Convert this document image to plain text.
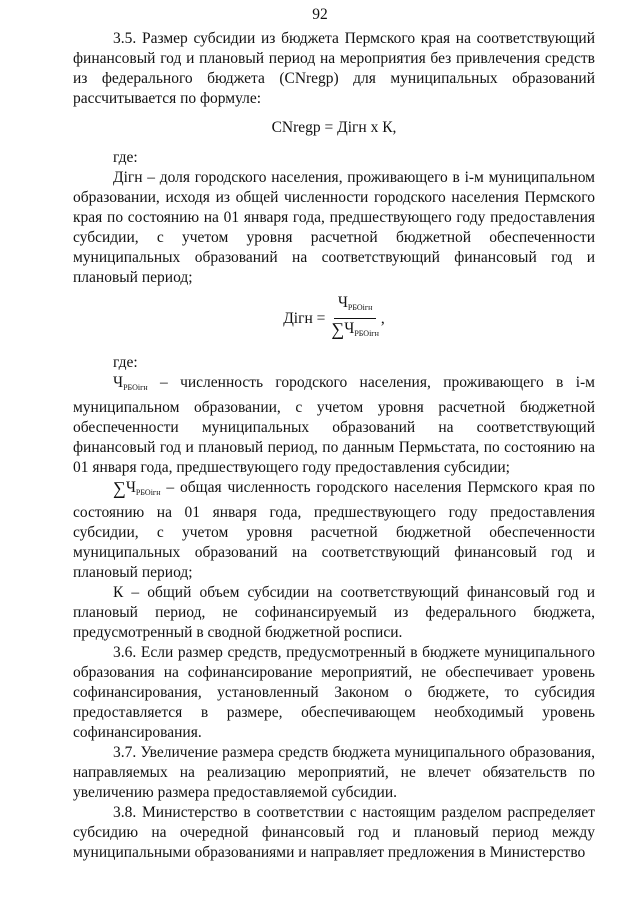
92

3.5. Размер субсидии из бюджета Пермского края на соответствующий финансовый год и плановый период на мероприятия без привлечения средств из федерального бюджета (CNregp) для муниципальных образований рассчитывается по формуле:

CNregp = Дігн x К,

где:

Дігн – доля городского населения, проживающего в і-м муниципальном образовании, исходя из общей численности городского населения Пермского края по состоянию на 01 января года, предшествующего году предоставления субсидии, с учетом уровня расчетной бюджетной обеспеченности муниципальных образований на соответствующий финансовый год и плановый период;

Дігн = $\frac{Ч_{РБОігн}}{\sum Ч_{РБОігн}}$ ,

где:

$Ч_{РБОігн}$ – численность городского населения, проживающего в і-м муниципальном образовании, с учетом уровня расчетной бюджетной обеспеченности муниципальных образований на соответствующий финансовый год и плановый период, по данным Пермьстата, по состоянию на 01 января года, предшествующего году предоставления субсидии;

$\sum Ч_{РБОігн}$ – общая численность городского населения Пермского края по состоянию на 01 января года, предшествующего году предоставления субсидии, с учетом уровня расчетной бюджетной обеспеченности муниципальных образований на соответствующий финансовый год и плановый период;

К – общий объем субсидии на соответствующий финансовый год и плановый период, не софинансируемый из федерального бюджета, предусмотренный в сводной бюджетной росписи.

3.6. Если размер средств, предусмотренный в бюджете муниципального образования на софинансирование мероприятий, не обеспечивает уровень софинансирования, установленный Законом о бюджете, то субсидия предоставляется в размере, обеспечивающем необходимый уровень софинансирования.

3.7. Увеличение размера средств бюджета муниципального образования, направляемых на реализацию мероприятий, не влечет обязательств по увеличению размера предоставляемой субсидии.

3.8. Министерство в соответствии с настоящим разделом распределяет субсидию на очередной финансовый год и плановый период между муниципальными образованиями и направляет предложения в Министерство
